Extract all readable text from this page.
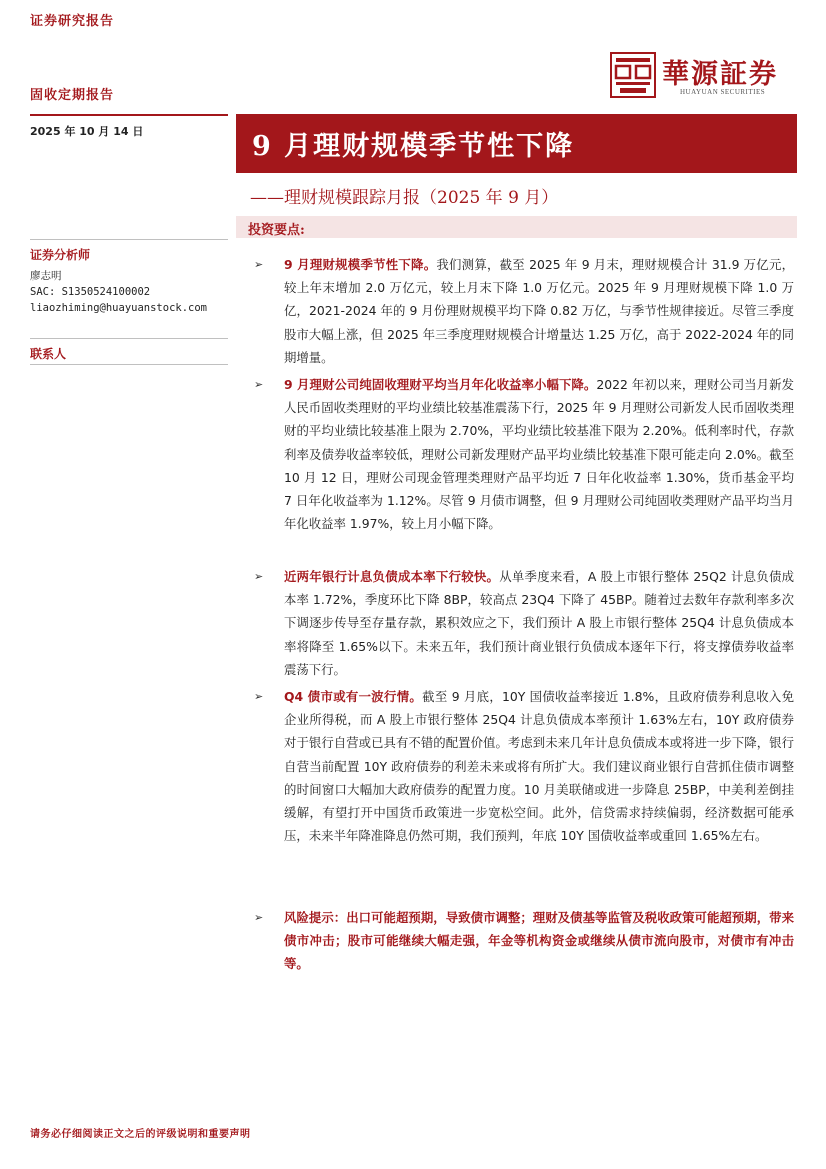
证券研究报告
固收定期报告
華源証券
HUAYUAN SECURITIES
2025 年 10 月 14 日	9 月理财规模季节性下降
——理财规模跟踪月报（2025 年 9 月）
投资要点:
证券分析师
廖志明
SAC: S1350524100002
liaozhiming@huayuanstock.com
联系人
➢ 9 月理财规模季节性下降。我们测算，截至 2025 年 9 月末，理财规模合计 31.9 万亿元，较上年末增加 2.0 万亿元，较上月末下降 1.0 万亿元。2025 年 9 月理财规模下降 1.0 万亿，2021-2024 年的 9 月份理财规模平均下降 0.82 万亿，与季节性规律接近。尽管三季度股市大幅上涨，但 2025 年三季度理财规模合计增量达 1.25 万亿，高于 2022-2024 年的同期增量。
➢ 9 月理财公司纯固收理财平均当月年化收益率小幅下降。2022 年初以来，理财公司当月新发人民币固收类理财的平均业绩比较基准震荡下行，2025 年 9 月理财公司新发人民币固收类理财的平均业绩比较基准上限为 2.70%，平均业绩比较基准下限为 2.20%。低利率时代，存款利率及债券收益率较低，理财公司新发理财产品平均业绩比较基准下限可能走向 2.0%。截至 10 月 12 日，理财公司现金管理类理财产品平均近 7 日年化收益率 1.30%，货币基金平均 7 日年化收益率为 1.12%。尽管 9 月债市调整，但 9 月理财公司纯固收类理财产品平均当月年化收益率 1.97%，较上月小幅下降。
➢ 近两年银行计息负债成本率下行较快。从单季度来看，A 股上市银行整体 25Q2 计息负债成本率 1.72%，季度环比下降 8BP，较高点 23Q4 下降了 45BP。随着过去数年存款利率多次下调逐步传导至存量存款，累积效应之下，我们预计 A 股上市银行整体 25Q4 计息负债成本率将降至 1.65%以下。未来五年，我们预计商业银行负债成本逐年下行，将支撑债券收益率震荡下行。
➢ Q4 债市或有一波行情。截至 9 月底，10Y 国债收益率接近 1.8%，且政府债券利息收入免企业所得税，而 A 股上市银行整体 25Q4 计息负债成本率预计 1.63%左右，10Y 政府债券对于银行自营或已具有不错的配置价值。考虑到未来几年计息负债成本或将进一步下降，银行自营当前配置 10Y 政府债券的利差未来或将有所扩大。我们建议商业银行自营抓住债市调整的时间窗口大幅加大政府债券的配置力度。10 月美联储或进一步降息 25BP，中美利差倒挂缓解，有望打开中国货币政策进一步宽松空间。此外，信贷需求持续偏弱，经济数据可能承压，未来半年降准降息仍然可期，我们预判，年底 10Y 国债收益率或重回 1.65%左右。
➢ 风险提示：出口可能超预期，导致债市调整；理财及债基等监管及税收政策可能超预期，带来债市冲击；股市可能继续大幅走强，年金等机构资金或继续从债市流向股市，对债市有冲击等。
请务必仔细阅读正文之后的评级说明和重要声明
